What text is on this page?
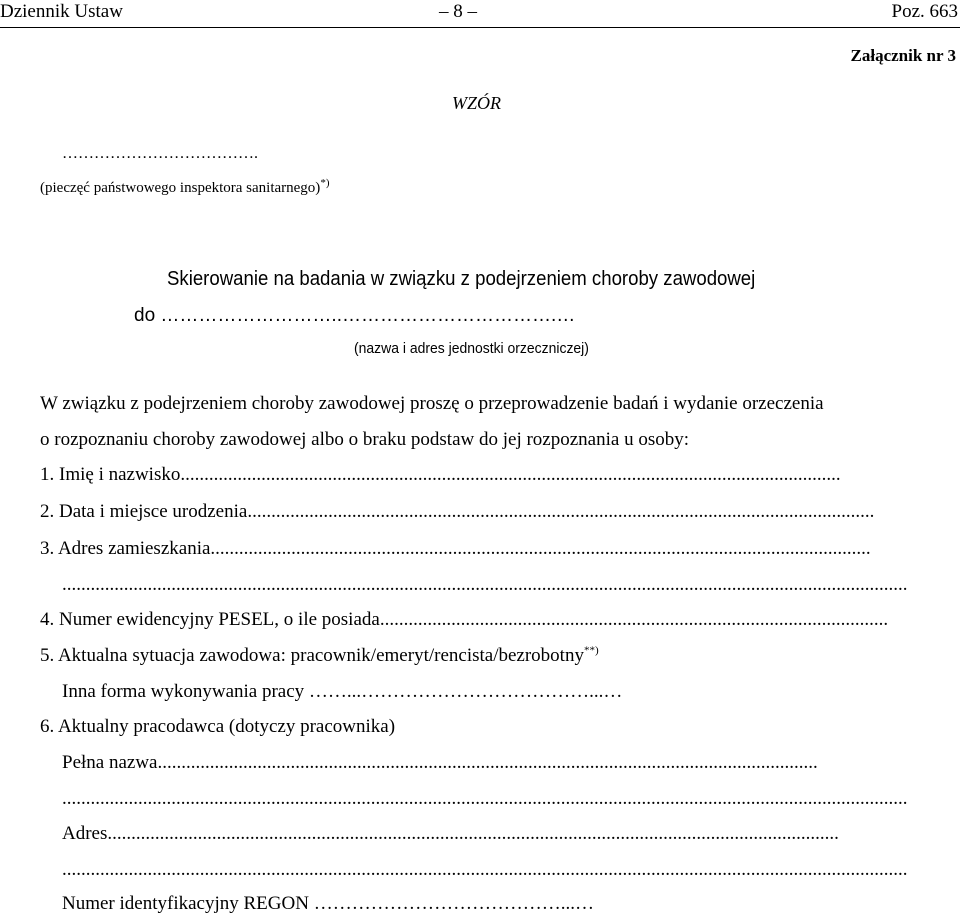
Dziennik Ustaw	– 8 –	Poz. 663
Załącznik nr 3
WZÓR
……………………………….
(pieczęć państwowego inspektora sanitarnego)*)
Skierowanie na badania w związku z podejrzeniem choroby zawodowej
do ………………………..…………………………….…
(nazwa i adres jednostki orzeczniczej)
W związku z podejrzeniem choroby zawodowej proszę o przeprowadzenie badań i wydanie orzeczenia
o rozpoznaniu choroby zawodowej albo o braku podstaw do jej rozpoznania u osoby:
1. Imię i nazwisko...........................................................................................................................................
2. Data i miejsce urodzenia....................................................................................................................................
3. Adres zamieszkania...........................................................................................................................................
..................................................................................................................................................................................
4. Numer ewidencyjny PESEL, o ile posiada...........................................................................................................
5. Aktualna sytuacja zawodowa: pracownik/emeryt/rencista/bezrobotny**)
Inna forma wykonywania pracy ……...………………………………...…
6. Aktualny pracodawca (dotyczy pracownika)
Pełna nazwa...........................................................................................................................................
..................................................................................................................................................................................
Adres..........................................................................................................................................................
..................................................................................................................................................................................
Numer identyfikacyjny REGON …………………………………...…
